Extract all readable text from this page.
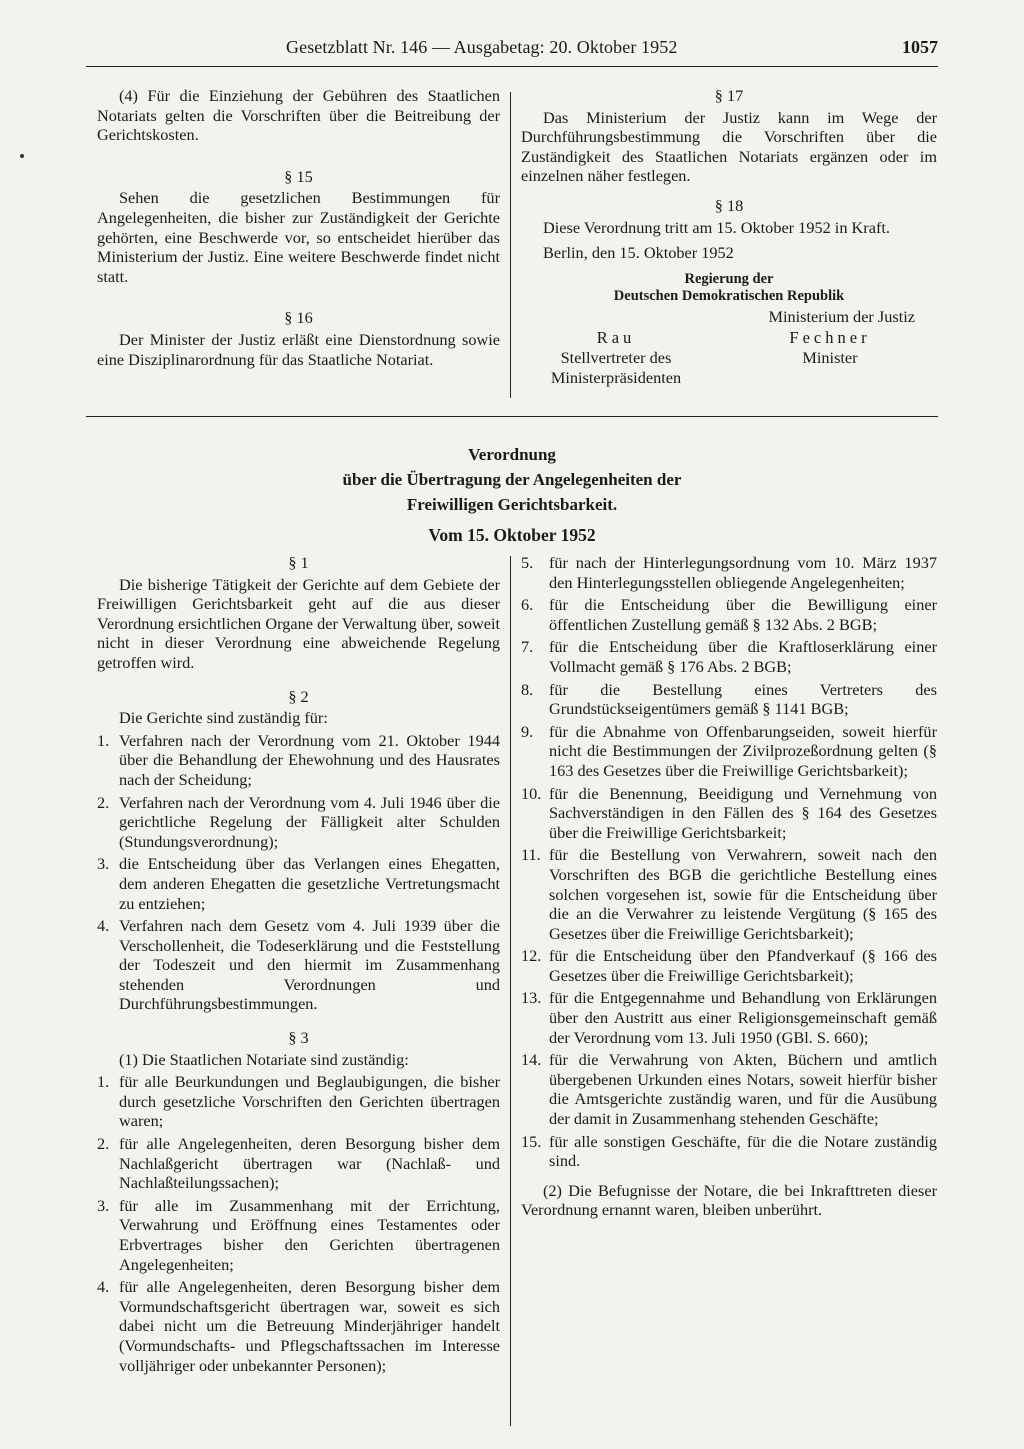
Gesetzblatt Nr. 146 — Ausgabetag: 20. Oktober 1952	1057

(4) Für die Einziehung der Gebühren des Staatlichen Notariats gelten die Vorschriften über die Beitreibung der Gerichtskosten.

§ 15

Sehen die gesetzlichen Bestimmungen für Angelegenheiten, die bisher zur Zuständigkeit der Gerichte gehörten, eine Beschwerde vor, so entscheidet hierüber das Ministerium der Justiz. Eine weitere Beschwerde findet nicht statt.

§ 16

Der Minister der Justiz erläßt eine Dienstordnung sowie eine Disziplinarordnung für das Staatliche Notariat.

§ 17

Das Ministerium der Justiz kann im Wege der Durchführungsbestimmung die Vorschriften über die Zuständigkeit des Staatlichen Notariats ergänzen oder im einzelnen näher festlegen.

§ 18

Diese Verordnung tritt am 15. Oktober 1952 in Kraft.

Berlin, den 15. Oktober 1952

Regierung der
Deutschen Demokratischen Republik
Ministerium der Justiz
Rau
Stellvertreter des
Ministerpräsidenten
Fechner
Minister
Verordnung
über die Übertragung der Angelegenheiten der
Freiwilligen Gerichtsbarkeit.
Vom 15. Oktober 1952
§ 1

Die bisherige Tätigkeit der Gerichte auf dem Gebiete der Freiwilligen Gerichtsbarkeit geht auf die aus dieser Verordnung ersichtlichen Organe der Verwaltung über, soweit nicht in dieser Verordnung eine abweichende Regelung getroffen wird.

§ 2

Die Gerichte sind zuständig für:

1. Verfahren nach der Verordnung vom 21. Oktober 1944 über die Behandlung der Ehewohnung und des Hausrates nach der Scheidung;
2. Verfahren nach der Verordnung vom 4. Juli 1946 über die gerichtliche Regelung der Fälligkeit alter Schulden (Stundungsverordnung);
3. die Entscheidung über das Verlangen eines Ehegatten, dem anderen Ehegatten die gesetzliche Vertretungsmacht zu entziehen;
4. Verfahren nach dem Gesetz vom 4. Juli 1939 über die Verschollenheit, die Todeserklärung und die Feststellung der Todeszeit und den hiermit im Zusammenhang stehenden Verordnungen und Durchführungsbestimmungen.
§ 3

(1) Die Staatlichen Notariate sind zuständig:

1. für alle Beurkundungen und Beglaubigungen, die bisher durch gesetzliche Vorschriften den Gerichten übertragen waren;
2. für alle Angelegenheiten, deren Besorgung bisher dem Nachlaßgericht übertragen war (Nachlaß- und Nachlaßteilungssachen);
3. für alle im Zusammenhang mit der Errichtung, Verwahrung und Eröffnung eines Testamentes oder Erbvertrages bisher den Gerichten übertragenen Angelegenheiten;
4. für alle Angelegenheiten, deren Besorgung bisher dem Vormundschaftsgericht übertragen war, soweit es sich dabei nicht um die Betreuung Minderjähriger handelt (Vormundschafts- und Pflegschaftssachen im Interesse volljähriger oder unbekannter Personen);
5. für nach der Hinterlegungsordnung vom 10. März 1937 den Hinterlegungsstellen obliegende Angelegenheiten;
6. für die Entscheidung über die Bewilligung einer öffentlichen Zustellung gemäß § 132 Abs. 2 BGB;
7. für die Entscheidung über die Kraftloserklärung einer Vollmacht gemäß § 176 Abs. 2 BGB;
8. für die Bestellung eines Vertreters des Grundstückseigentümers gemäß § 1141 BGB;
9. für die Abnahme von Offenbarungseiden, soweit hierfür nicht die Bestimmungen der Zivilprozeßordnung gelten (§ 163 des Gesetzes über die Freiwillige Gerichtsbarkeit);
10. für die Benennung, Beeidigung und Vernehmung von Sachverständigen in den Fällen des § 164 des Gesetzes über die Freiwillige Gerichtsbarkeit;
11. für die Bestellung von Verwahrern, soweit nach den Vorschriften des BGB die gerichtliche Bestellung eines solchen vorgesehen ist, sowie für die Entscheidung über die an die Verwahrer zu leistende Vergütung (§ 165 des Gesetzes über die Freiwillige Gerichtsbarkeit);
12. für die Entscheidung über den Pfandverkauf (§ 166 des Gesetzes über die Freiwillige Gerichtsbarkeit);
13. für die Entgegennahme und Behandlung von Erklärungen über den Austritt aus einer Religionsgemeinschaft gemäß der Verordnung vom 13. Juli 1950 (GBl. S. 660);
14. für die Verwahrung von Akten, Büchern und amtlich übergebenen Urkunden eines Notars, soweit hierfür bisher die Amtsgerichte zuständig waren, und für die Ausübung der damit in Zusammenhang stehenden Geschäfte;
15. für alle sonstigen Geschäfte, für die die Notare zuständig sind.

(2) Die Befugnisse der Notare, die bei Inkrafttreten dieser Verordnung ernannt waren, bleiben unberührt.
